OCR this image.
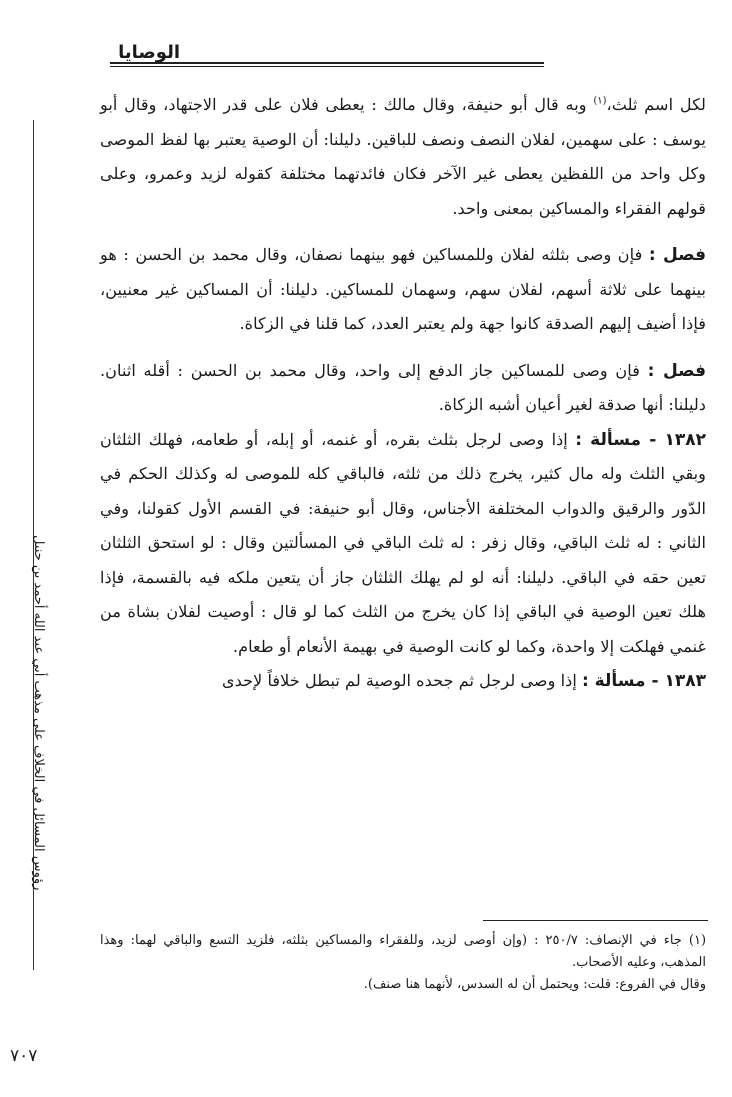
الوصايا
رؤوس المسائل في الخلاف على مذهب أبي عبد الله أحمد بن حنبل

لكل اسم ثلث،$^{(١)}$ وبه قال أبو حنيفة، وقال مالك : يعطى فلان على قدر الاجتهاد، وقال أبو يوسف : على سهمين، لفلان النصف ونصف للباقين. دليلنا: أن الوصية يعتبر بها لفظ الموصى وكل واحد من اللفظين يعطى غير الآخر فكان فائدتهما مختلفة كقوله لزيد وعمرو، وعلى قولهم الفقراء والمساكين بمعنى واحد.

فصل : فإن وصى بثلثه لفلان وللمساكين فهو بينهما نصفان، وقال محمد بن الحسن : هو بينهما على ثلاثة أسهم، لفلان سهم، وسهمان للمساكين. دليلنا: أن المساكين غير معنيين، فإذا أضيف إليهم الصدقة كانوا جهة ولم يعتبر العدد، كما قلنا في الزكاة.

فصل : فإن وصى للمساكين جاز الدفع إلى واحد، وقال محمد بن الحسن : أقله اثنان. دليلنا: أنها صدقة لغير أعيان أشبه الزكاة.

١٣٨٢ - مسألة : إذا وصى لرجل بثلث بقره، أو غنمه، أو إبله، أو طعامه، فهلك الثلثان وبقي الثلث وله مال كثير، يخرج ذلك من ثلثه، فالباقي كله للموصى له وكذلك الحكم في الدّور والرقيق والدواب المختلفة الأجناس، وقال أبو حنيفة: في القسم الأول كقولنا، وفي الثاني : له ثلث الباقي، وقال زفر : له ثلث الباقي في المسألتين وقال : لو استحق الثلثان تعين حقه في الباقي. دليلنا: أنه لو لم يهلك الثلثان جاز أن يتعين ملكه فيه بالقسمة، فإذا هلك تعين الوصية في الباقي إذا كان يخرج من الثلث كما لو قال : أوصيت لفلان بشاة من غنمي فهلكت إلا واحدة، وكما لو كانت الوصية في بهيمة الأنعام أو طعام.

١٣٨٣ - مسألة : إذا وصى لرجل ثم جحده الوصية لم تبطل خلافاً لإحدى

(١) جاء في الإنصاف: ٢٥٠/٧ : (وإن أوصى لزيد، وللفقراء والمساكين بثلثه، فلزيد التسع والباقي لهما: وهذا المذهب، وعليه الأصحاب.

وقال في الفروع: قلت: ويحتمل أن له السدس، لأنهما هنا صنف).

٧٠٧
